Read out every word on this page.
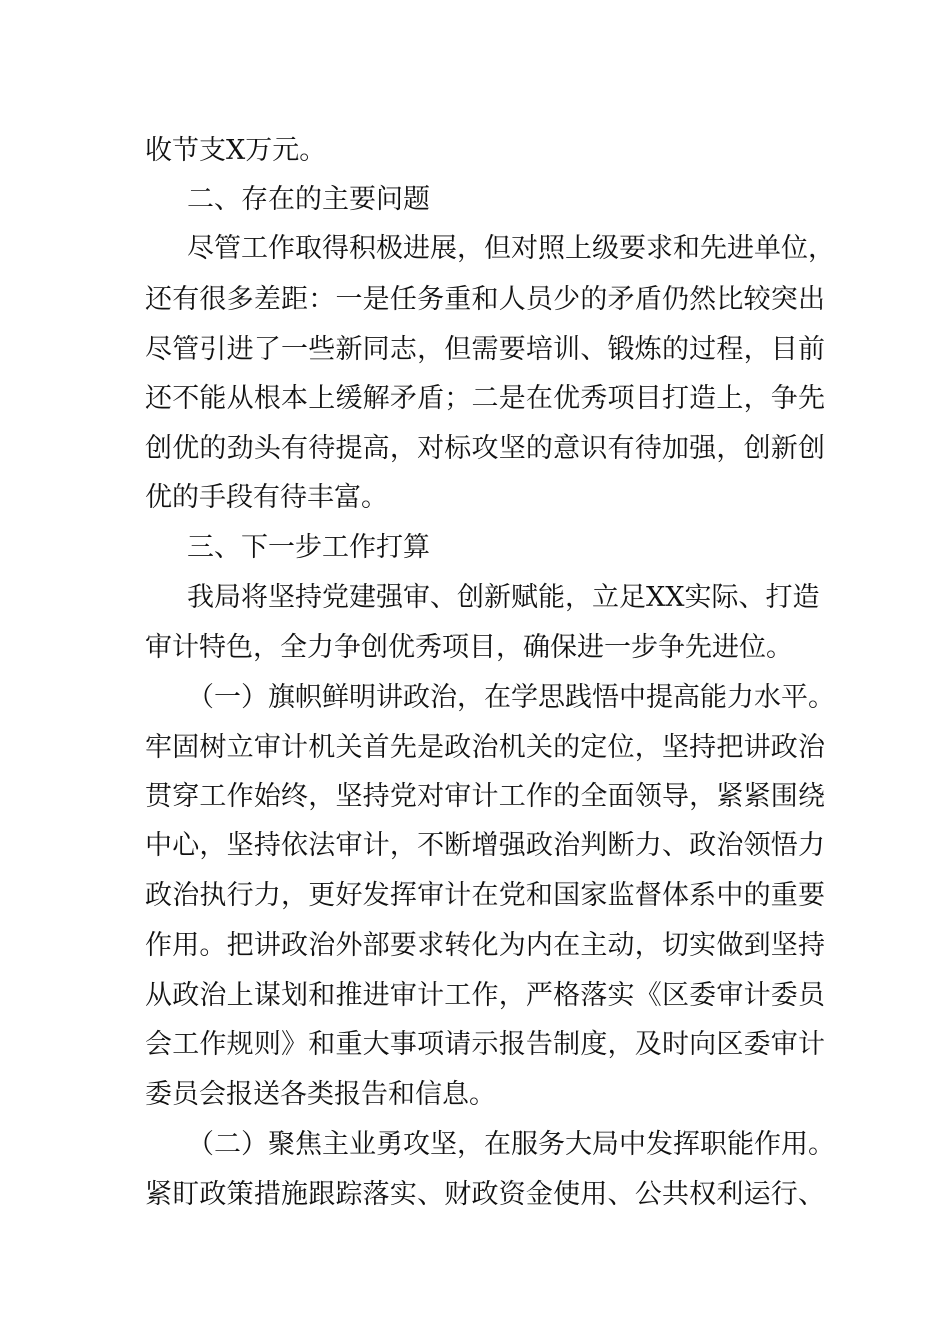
收节支X万元。
二、存在的主要问题
尽管工作取得积极进展，但对照上级要求和先进单位，
还有很多差距：一是任务重和人员少的矛盾仍然比较突出
尽管引进了一些新同志，但需要培训、锻炼的过程，目前
还不能从根本上缓解矛盾；二是在优秀项目打造上，争先
创优的劲头有待提高，对标攻坚的意识有待加强，创新创
优的手段有待丰富。
三、下一步工作打算
我局将坚持党建强审、创新赋能，立足XX实际、打造
审计特色，全力争创优秀项目，确保进一步争先进位。
（一）旗帜鲜明讲政治，在学思践悟中提高能力水平。
牢固树立审计机关首先是政治机关的定位，坚持把讲政治
贯穿工作始终，坚持党对审计工作的全面领导，紧紧围绕
中心，坚持依法审计，不断增强政治判断力、政治领悟力
政治执行力，更好发挥审计在党和国家监督体系中的重要
作用。把讲政治外部要求转化为内在主动，切实做到坚持
从政治上谋划和推进审计工作，严格落实《区委审计委员
会工作规则》和重大事项请示报告制度，及时向区委审计
委员会报送各类报告和信息。
（二）聚焦主业勇攻坚，在服务大局中发挥职能作用。
紧盯政策措施跟踪落实、财政资金使用、公共权利运行、
